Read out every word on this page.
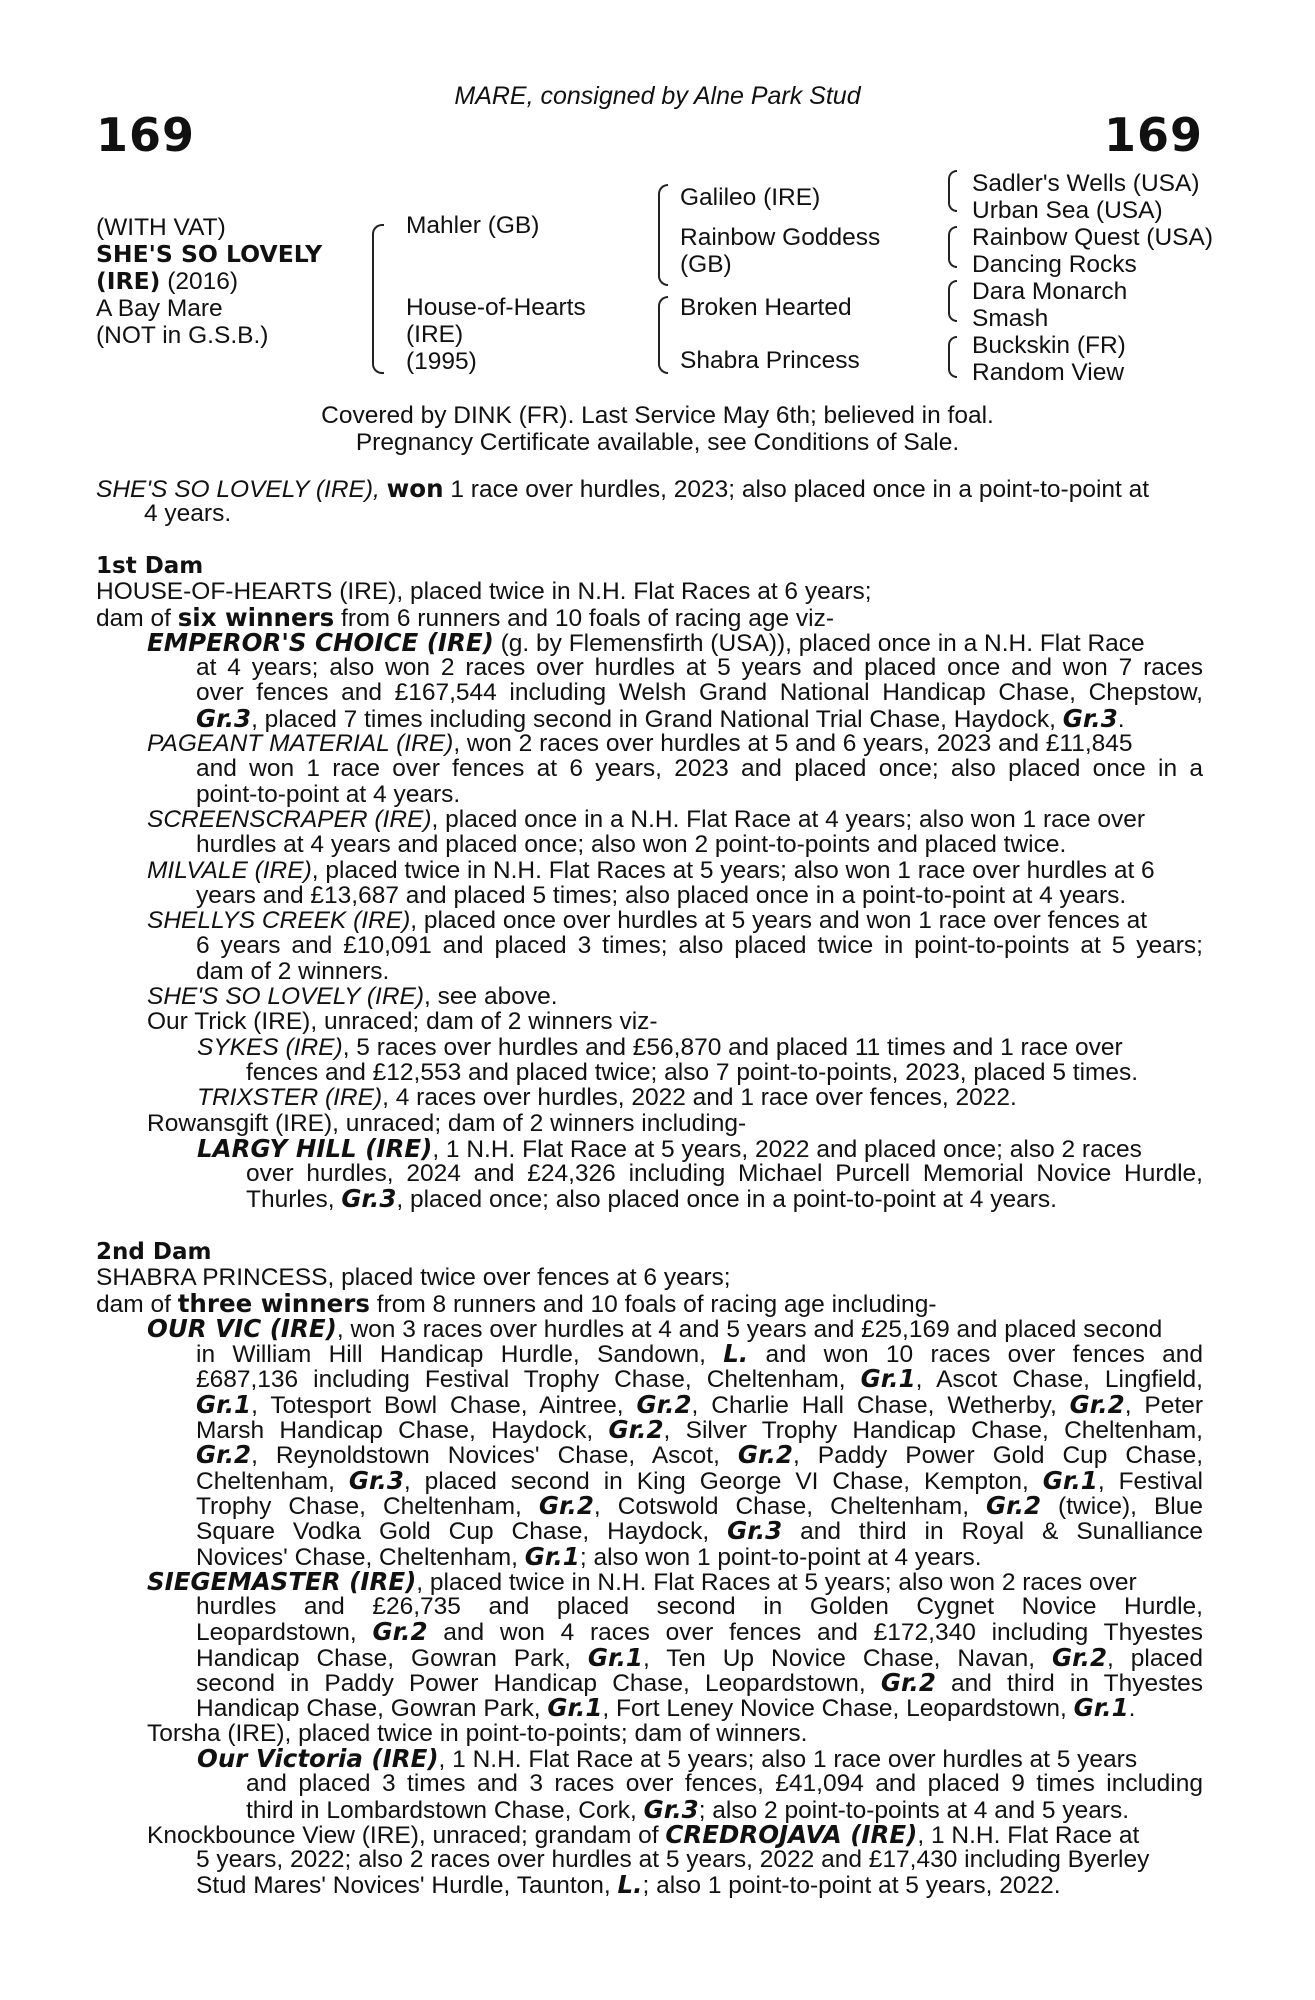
169	169
MARE, consigned by Alne Park Stud
(WITH VAT)
SHE'S SO LOVELY
(IRE) (2016)
A Bay Mare
(NOT in G.S.B.)
Mahler (GB)
House-of-Hearts
(IRE)
(1995)
Galileo (IRE)
Rainbow Goddess
(GB)
Broken Hearted
Shabra Princess
Sadler's Wells (USA)
Urban Sea (USA)
Rainbow Quest (USA)
Dancing Rocks
Dara Monarch
Smash
Buckskin (FR)
Random View
Covered by DINK (FR). Last Service May 6th; believed in foal.
Pregnancy Certificate available, see Conditions of Sale.
SHE'S SO LOVELY (IRE), won 1 race over hurdles, 2023; also placed once in a point-to-point at
4 years.
1st Dam
HOUSE-OF-HEARTS (IRE), placed twice in N.H. Flat Races at 6 years;
dam of six winners from 6 runners and 10 foals of racing age viz-
EMPEROR'S CHOICE (IRE) (g. by Flemensfirth (USA)), placed once in a N.H. Flat Race
at 4 years; also won 2 races over hurdles at 5 years and placed once and won 7 races
over fences and £167,544 including Welsh Grand National Handicap Chase, Chepstow,
Gr.3, placed 7 times including second in Grand National Trial Chase, Haydock, Gr.3.
PAGEANT MATERIAL (IRE), won 2 races over hurdles at 5 and 6 years, 2023 and £11,845
and won 1 race over fences at 6 years, 2023 and placed once; also placed once in a
point-to-point at 4 years.
SCREENSCRAPER (IRE), placed once in a N.H. Flat Race at 4 years; also won 1 race over
hurdles at 4 years and placed once; also won 2 point-to-points and placed twice.
MILVALE (IRE), placed twice in N.H. Flat Races at 5 years; also won 1 race over hurdles at 6
years and £13,687 and placed 5 times; also placed once in a point-to-point at 4 years.
SHELLYS CREEK (IRE), placed once over hurdles at 5 years and won 1 race over fences at
6 years and £10,091 and placed 3 times; also placed twice in point-to-points at 5 years;
dam of 2 winners.
SHE'S SO LOVELY (IRE), see above.
Our Trick (IRE), unraced; dam of 2 winners viz-
SYKES (IRE), 5 races over hurdles and £56,870 and placed 11 times and 1 race over
fences and £12,553 and placed twice; also 7 point-to-points, 2023, placed 5 times.
TRIXSTER (IRE), 4 races over hurdles, 2022 and 1 race over fences, 2022.
Rowansgift (IRE), unraced; dam of 2 winners including-
LARGY HILL (IRE), 1 N.H. Flat Race at 5 years, 2022 and placed once; also 2 races
over hurdles, 2024 and £24,326 including Michael Purcell Memorial Novice Hurdle,
Thurles, Gr.3, placed once; also placed once in a point-to-point at 4 years.
2nd Dam
SHABRA PRINCESS, placed twice over fences at 6 years;
dam of three winners from 8 runners and 10 foals of racing age including-
OUR VIC (IRE), won 3 races over hurdles at 4 and 5 years and £25,169 and placed second
in William Hill Handicap Hurdle, Sandown, L. and won 10 races over fences and
£687,136 including Festival Trophy Chase, Cheltenham, Gr.1, Ascot Chase, Lingfield,
Gr.1, Totesport Bowl Chase, Aintree, Gr.2, Charlie Hall Chase, Wetherby, Gr.2, Peter
Marsh Handicap Chase, Haydock, Gr.2, Silver Trophy Handicap Chase, Cheltenham,
Gr.2, Reynoldstown Novices' Chase, Ascot, Gr.2, Paddy Power Gold Cup Chase,
Cheltenham, Gr.3, placed second in King George VI Chase, Kempton, Gr.1, Festival
Trophy Chase, Cheltenham, Gr.2, Cotswold Chase, Cheltenham, Gr.2 (twice), Blue
Square Vodka Gold Cup Chase, Haydock, Gr.3 and third in Royal & Sunalliance
Novices' Chase, Cheltenham, Gr.1; also won 1 point-to-point at 4 years.
SIEGEMASTER (IRE), placed twice in N.H. Flat Races at 5 years; also won 2 races over
hurdles and £26,735 and placed second in Golden Cygnet Novice Hurdle,
Leopardstown, Gr.2 and won 4 races over fences and £172,340 including Thyestes
Handicap Chase, Gowran Park, Gr.1, Ten Up Novice Chase, Navan, Gr.2, placed
second in Paddy Power Handicap Chase, Leopardstown, Gr.2 and third in Thyestes
Handicap Chase, Gowran Park, Gr.1, Fort Leney Novice Chase, Leopardstown, Gr.1.
Torsha (IRE), placed twice in point-to-points; dam of winners.
Our Victoria (IRE), 1 N.H. Flat Race at 5 years; also 1 race over hurdles at 5 years
and placed 3 times and 3 races over fences, £41,094 and placed 9 times including
third in Lombardstown Chase, Cork, Gr.3; also 2 point-to-points at 4 and 5 years.
Knockbounce View (IRE), unraced; grandam of CREDROJAVA (IRE), 1 N.H. Flat Race at
5 years, 2022; also 2 races over hurdles at 5 years, 2022 and £17,430 including Byerley
Stud Mares' Novices' Hurdle, Taunton, L.; also 1 point-to-point at 5 years, 2022.
